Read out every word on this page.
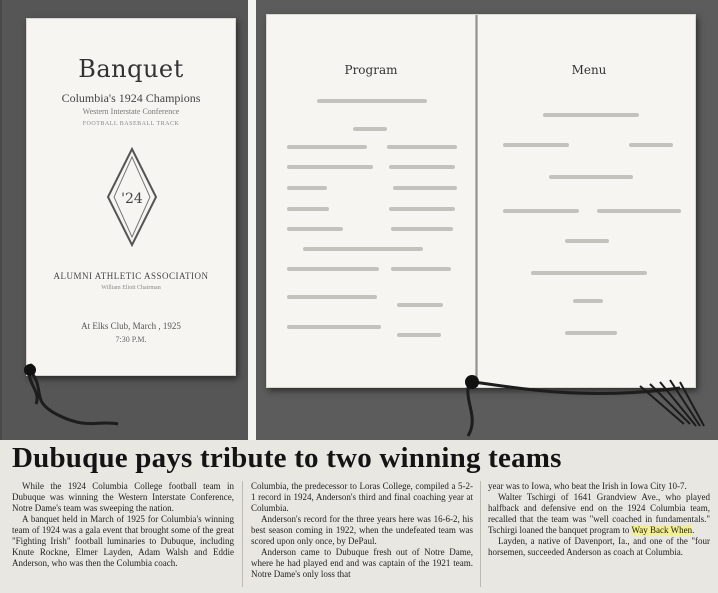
Banquet
Columbia's 1924 Champions
Western Interstate Conference
FOOTBALL BASEBALL TRACK
'24
ALUMNI ATHLETIC ASSOCIATION
William Eliott Chairman
At Elks Club, March , 1925
7:30 P.M.
Program	Menu
Dubuque pays tribute to two winning teams

While the 1924 Columbia College football team in Dubuque was winning the Western Interstate Conference, Notre Dame's team was sweeping the nation.

A banquet held in March of 1925 for Columbia's winning team of 1924 was a gala event that brought some of the great "Fighting Irish" football luminaries to Dubuque, including Knute Rockne, Elmer Layden, Adam Walsh and Eddie Anderson, who was then the Columbia coach.

Columbia, the predecessor to Loras College, compiled a 5-2-1 record in 1924, Anderson's third and final coaching year at Columbia.

Anderson's record for the three years here was 16-6-2, his best season coming in 1922, when the undefeated team was scored upon only once, by DePaul.

Anderson came to Dubuque fresh out of Notre Dame, where he had played end and was captain of the 1921 team. Notre Dame's only loss that

year was to Iowa, who beat the Irish in Iowa City 10-7.

Walter Tschirgi of 1641 Grandview Ave., who played halfback and defensive end on the 1924 Columbia team, recalled that the team was "well coached in fundamentals." Tschirgi loaned the banquet program to Way Back When.

Layden, a native of Davenport, Ia., and one of the "four horsemen, succeeded Anderson as coach at Columbia.
